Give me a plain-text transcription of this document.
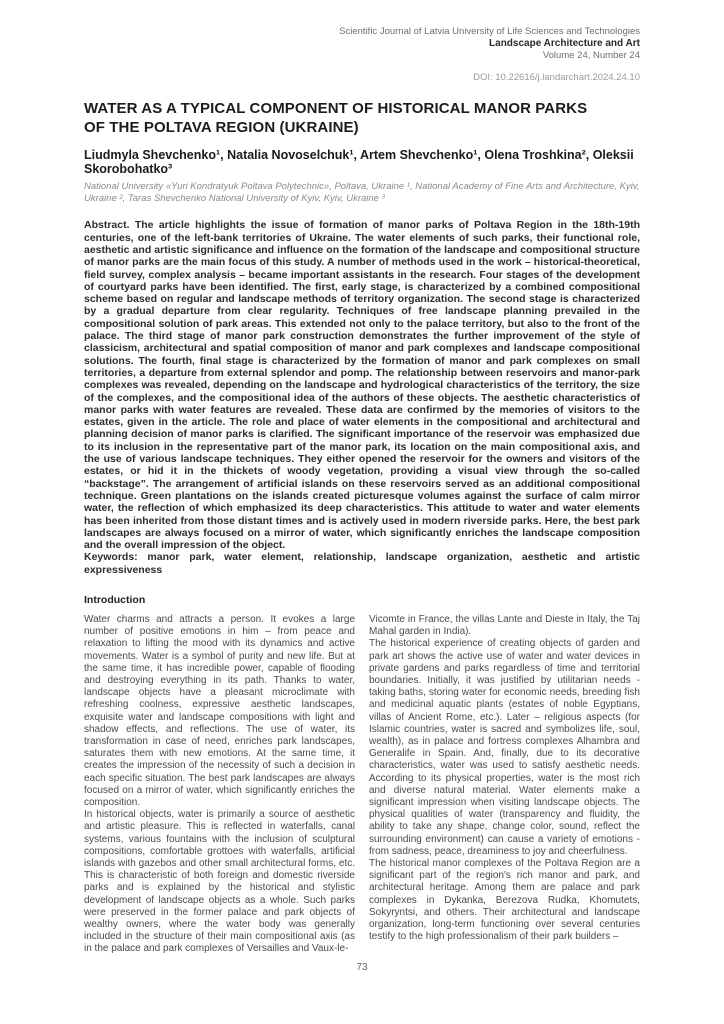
Scientific Journal of Latvia University of Life Sciences and Technologies
Landscape Architecture and Art
Volume 24, Number 24
DOI: 10.22616/j.landarchart.2024.24.10
WATER AS A TYPICAL COMPONENT OF HISTORICAL MANOR PARKS
OF THE POLTAVA REGION (UKRAINE)
Liudmyla Shevchenko¹, Natalia Novoselchuk¹, Artem Shevchenko¹, Olena Troshkina², Oleksii Skorobohatko³
National University «Yuri Kondratyuk Poltava Polytechnic», Poltava, Ukraine ¹, National Academy of Fine Arts and Architecture, Kyiv, Ukraine ², Taras Shevchenko National University of Kyiv, Kyiv, Ukraine ³

Abstract. The article highlights the issue of formation of manor parks of Poltava Region in the 18th-19th centuries, one of the left-bank territories of Ukraine. The water elements of such parks, their functional role, aesthetic and artistic significance and influence on the formation of the landscape and compositional structure of manor parks are the main focus of this study. A number of methods used in the work – historical-theoretical, field survey, complex analysis – became important assistants in the research. Four stages of the development of courtyard parks have been identified. The first, early stage, is characterized by a combined compositional scheme based on regular and landscape methods of territory organization. The second stage is characterized by a gradual departure from clear regularity. Techniques of free landscape planning prevailed in the compositional solution of park areas. This extended not only to the palace territory, but also to the front of the palace. The third stage of manor park construction demonstrates the further improvement of the style of classicism, architectural and spatial composition of manor and park complexes and landscape compositional solutions. The fourth, final stage is characterized by the formation of manor and park complexes on small territories, a departure from external splendor and pomp. The relationship between reservoirs and manor-park complexes was revealed, depending on the landscape and hydrological characteristics of the territory, the size of the complexes, and the compositional idea of the authors of these objects. The aesthetic characteristics of manor parks with water features are revealed. These data are confirmed by the memories of visitors to the estates, given in the article. The role and place of water elements in the compositional and architectural and planning decision of manor parks is clarified. The significant importance of the reservoir was emphasized due to its inclusion in the representative part of the manor park, its location on the main compositional axis, and the use of various landscape techniques. They either opened the reservoir for the owners and visitors of the estates, or hid it in the thickets of woody vegetation, providing a visual view through the so-called “backstage”. The arrangement of artificial islands on these reservoirs served as an additional compositional technique. Green plantations on the islands created picturesque volumes against the surface of calm mirror water, the reflection of which emphasized its deep characteristics. This attitude to water and water elements has been inherited from those distant times and is actively used in modern riverside parks. Here, the best park landscapes are always focused on a mirror of water, which significantly enriches the landscape composition and the overall impression of the object.

Keywords: manor park, water element, relationship, landscape organization, aesthetic and artistic expressiveness

Introduction

Water charms and attracts a person. It evokes a large number of positive emotions in him – from peace and relaxation to lifting the mood with its dynamics and active movements. Water is a symbol of purity and new life. But at the same time, it has incredible power, capable of flooding and destroying everything in its path. Thanks to water, landscape objects have a pleasant microclimate with refreshing coolness, expressive aesthetic landscapes, exquisite water and landscape compositions with light and shadow effects, and reflections. The use of water, its transformation in case of need, enriches park landscapes, saturates them with new emotions. At the same time, it creates the impression of the necessity of such a decision in each specific situation. The best park landscapes are always focused on a mirror of water, which significantly enriches the composition.

In historical objects, water is primarily a source of aesthetic and artistic pleasure. This is reflected in waterfalls, canal systems, various fountains with the inclusion of sculptural compositions, comfortable grottoes with waterfalls, artificial islands with gazebos and other small architectural forms, etc. This is characteristic of both foreign and domestic riverside parks and is explained by the historical and stylistic development of landscape objects as a whole. Such parks were preserved in the former palace and park objects of wealthy owners, where the water body was generally included in the structure of their main compositional axis (as in the palace and park complexes of Versailles and Vaux-le-

Vicomte in France, the villas Lante and Dieste in Italy, the Taj Mahal garden in India).

The historical experience of creating objects of garden and park art shows the active use of water and water devices in private gardens and parks regardless of time and territorial boundaries. Initially, it was justified by utilitarian needs - taking baths, storing water for economic needs, breeding fish and medicinal aquatic plants (estates of noble Egyptians, villas of Ancient Rome, etc.). Later – religious aspects (for Islamic countries, water is sacred and symbolizes life, soul, wealth), as in palace and fortress complexes Alhambra and Generalife in Spain. And, finally, due to its decorative characteristics, water was used to satisfy aesthetic needs. According to its physical properties, water is the most rich and diverse natural material. Water elements make a significant impression when visiting landscape objects. The physical qualities of water (transparency and fluidity, the ability to take any shape, change color, sound, reflect the surrounding environment) can cause a variety of emotions - from sadness, peace, dreaminess to joy and cheerfulness.

The historical manor complexes of the Poltava Region are a significant part of the region's rich manor and park, and architectural heritage. Among them are palace and park complexes in Dykanka, Berezova Rudka, Khomutets, Sokyryntsi, and others. Their architectural and landscape organization, long-term functioning over several centuries testify to the high professionalism of their park builders –

73
